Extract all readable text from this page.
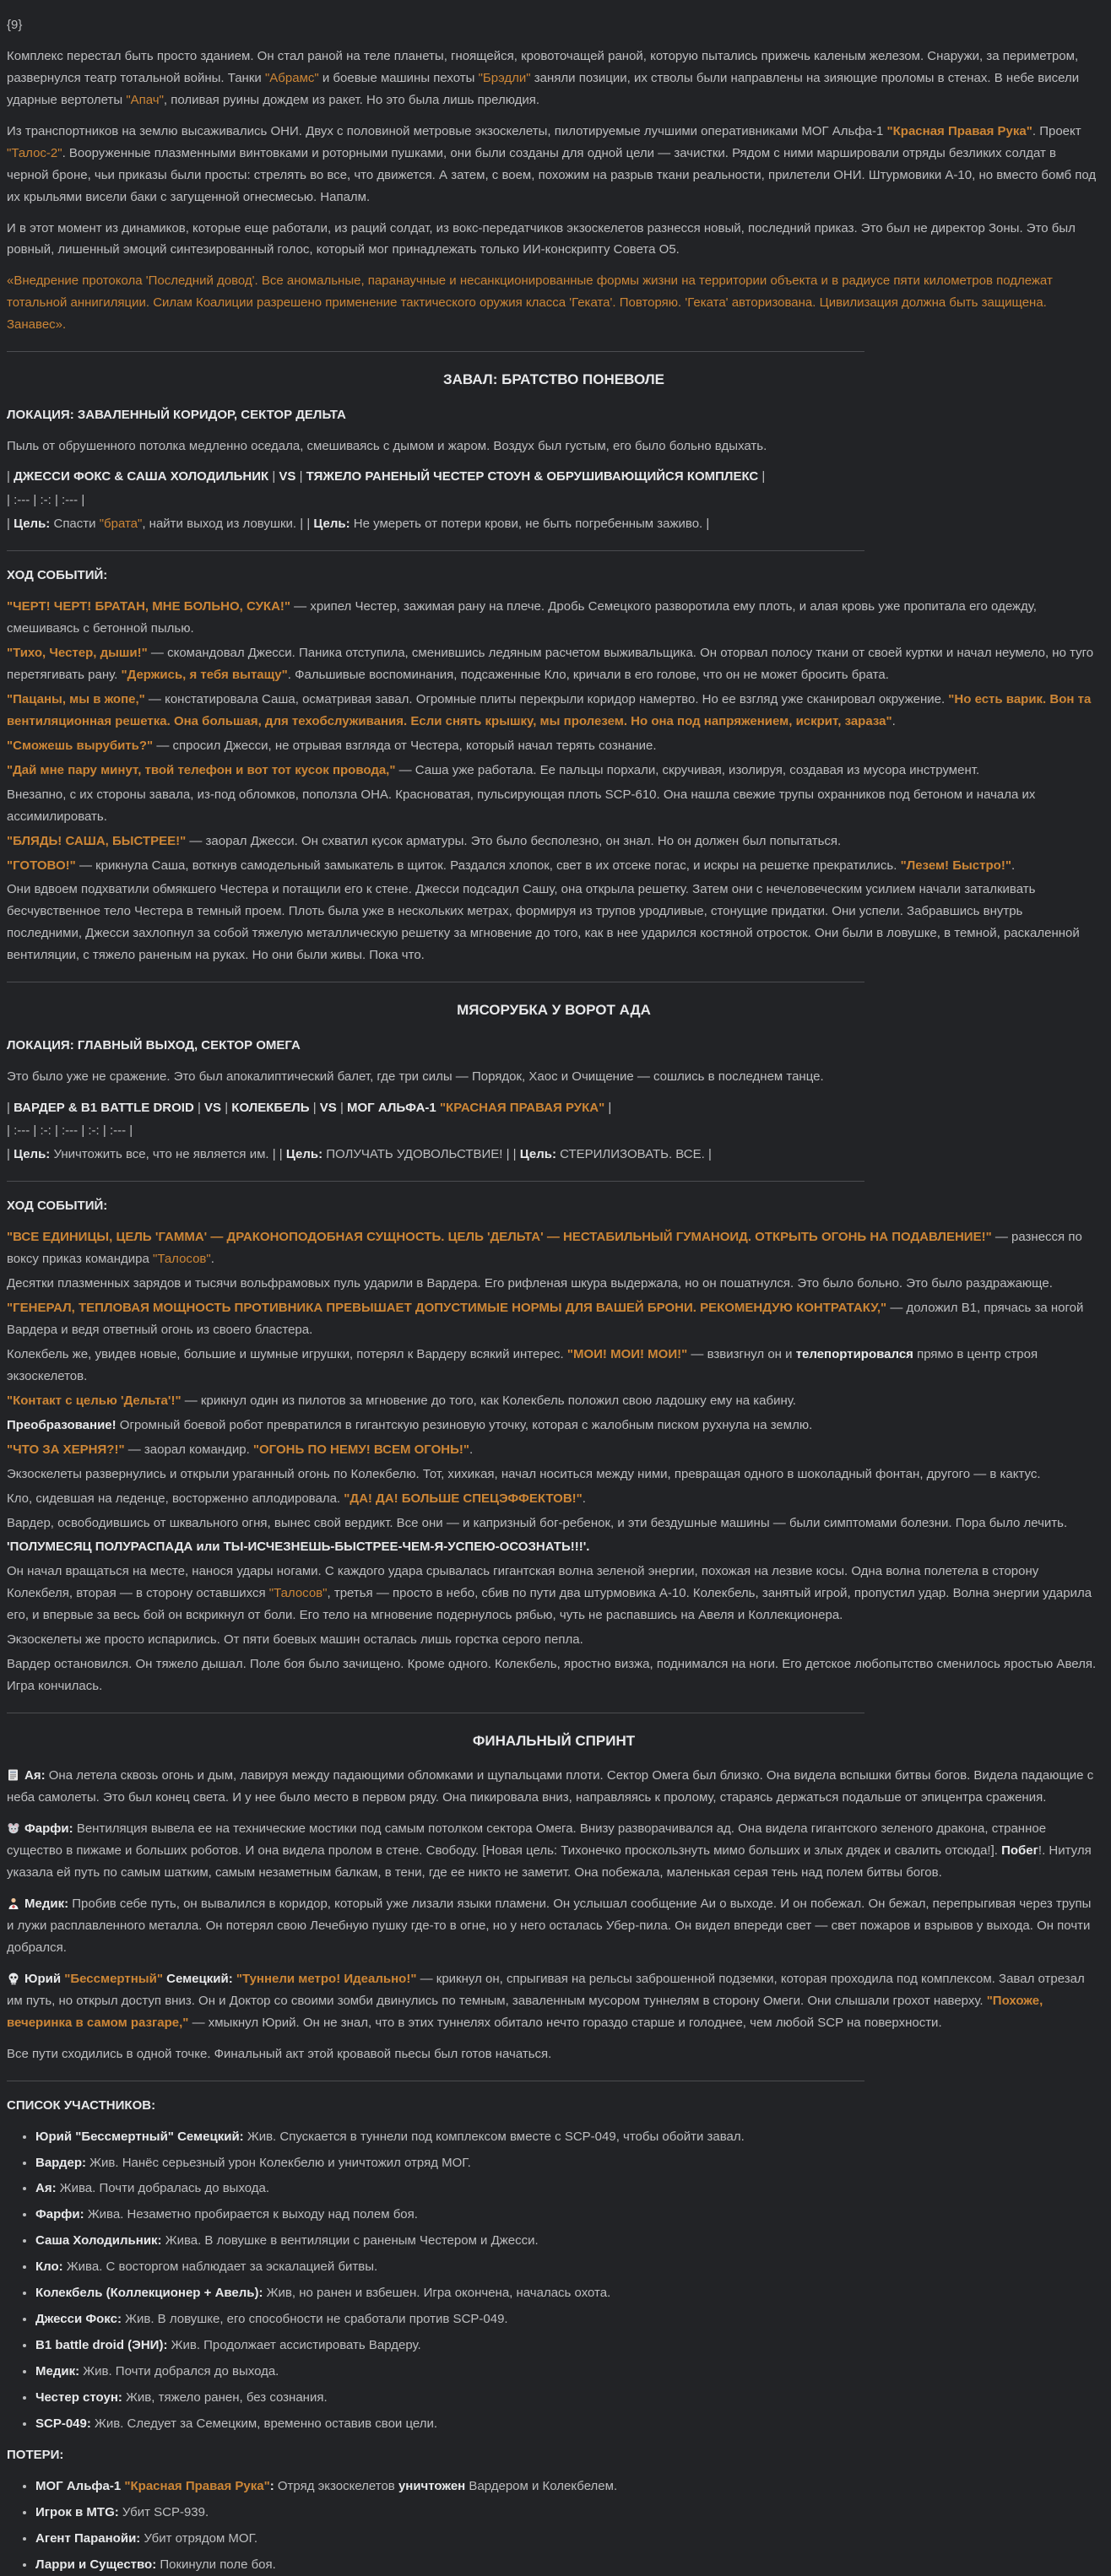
{9}

Комплекс перестал быть просто зданием. Он стал раной на теле планеты, гноящейся, кровоточащей раной, которую пытались прижечь каленым железом. Снаружи, за периметром, развернулся театр тотальной войны. Танки "Абрамс" и боевые машины пехоты "Брэдли" заняли позиции, их стволы были направлены на зияющие проломы в стенах. В небе висели ударные вертолеты "Апач", поливая руины дождем из ракет. Но это была лишь прелюдия.

Из транспортников на землю высаживались ОНИ. Двух с половиной метровые экзоскелеты, пилотируемые лучшими оперативниками МОГ Альфа-1 "Красная Правая Рука". Проект "Талос-2". Вооруженные плазменными винтовками и роторными пушками, они были созданы для одной цели — зачистки. Рядом с ними маршировали отряды безликих солдат в черной броне, чьи приказы были просты: стрелять во все, что движется. А затем, с воем, похожим на разрыв ткани реальности, прилетели ОНИ. Штурмовики А-10, но вместо бомб под их крыльями висели баки с загущенной огнесмесью. Напалм.

И в этот момент из динамиков, которые еще работали, из раций солдат, из вокс-передатчиков экзоскелетов разнесся новый, последний приказ. Это был не директор Зоны. Это был ровный, лишенный эмоций синтезированный голос, который мог принадлежать только ИИ-конскрипту Совета О5.

«Внедрение протокола 'Последний довод'. Все аномальные, паранаучные и несанкционированные формы жизни на территории объекта и в радиусе пяти километров подлежат тотальной аннигиляции. Силам Коалиции разрешено применение тактического оружия класса 'Геката'. Повторяю. 'Геката' авторизована. Цивилизация должна быть защищена. Занавес».

ЗАВАЛ: БРАТСТВО ПОНЕВОЛЕ

ЛОКАЦИЯ: ЗАВАЛЕННЫЙ КОРИДОР, СЕКТОР ДЕЛЬТА

Пыль от обрушенного потолка медленно оседала, смешиваясь с дымом и жаром. Воздух был густым, его было больно вдыхать.

| ДЖЕССИ ФОКС & САША ХОЛОДИЛЬНИК | VS | ТЯЖЕЛО РАНЕНЫЙ ЧЕСТЕР СТОУН & ОБРУШИВАЮЩИЙСЯ КОМПЛЕКС |

| :--- | :-: | :--- |

| Цель: Спасти "брата", найти выход из ловушки. | | Цель: Не умереть от потери крови, не быть погребенным заживо. |

ХОД СОБЫТИЙ:

"ЧЕРТ! ЧЕРТ! БРАТАН, МНЕ БОЛЬНО, СУКА!" — хрипел Честер, зажимая рану на плече. Дробь Семецкого разворотила ему плоть, и алая кровь уже пропитала его одежду, смешиваясь с бетонной пылью.

"Тихо, Честер, дыши!" — скомандовал Джесси. Паника отступила, сменившись ледяным расчетом выживальщика. Он оторвал полосу ткани от своей куртки и начал неумело, но туго перетягивать рану. "Держись, я тебя вытащу". Фальшивые воспоминания, подсаженные Кло, кричали в его голове, что он не может бросить брата.

"Пацаны, мы в жопе," — констатировала Саша, осматривая завал. Огромные плиты перекрыли коридор намертво. Но ее взгляд уже сканировал окружение. "Но есть варик. Вон та вентиляционная решетка. Она большая, для техобслуживания. Если снять крышку, мы пролезем. Но она под напряжением, искрит, зараза".

"Сможешь вырубить?" — спросил Джесси, не отрывая взгляда от Честера, который начал терять сознание.

"Дай мне пару минут, твой телефон и вот тот кусок провода," — Саша уже работала. Ее пальцы порхали, скручивая, изолируя, создавая из мусора инструмент.

Внезапно, с их стороны завала, из-под обломков, поползла ОНА. Красноватая, пульсирующая плоть SCP-610. Она нашла свежие трупы охранников под бетоном и начала их ассимилировать.

"БЛЯДЬ! САША, БЫСТРЕЕ!" — заорал Джесси. Он схватил кусок арматуры. Это было бесполезно, он знал. Но он должен был попытаться.

"ГОТОВО!" — крикнула Саша, воткнув самодельный замыкатель в щиток. Раздался хлопок, свет в их отсеке погас, и искры на решетке прекратились. "Лезем! Быстро!".

Они вдвоем подхватили обмякшего Честера и потащили его к стене. Джесси подсадил Сашу, она открыла решетку. Затем они с нечеловеческим усилием начали заталкивать бесчувственное тело Честера в темный проем. Плоть была уже в нескольких метрах, формируя из трупов уродливые, стонущие придатки. Они успели. Забравшись внутрь последними, Джесси захлопнул за собой тяжелую металлическую решетку за мгновение до того, как в нее ударился костяной отросток. Они были в ловушке, в темной, раскаленной вентиляции, с тяжело раненым на руках. Но они были живы. Пока что.

МЯСОРУБКА У ВОРОТ АДА

ЛОКАЦИЯ: ГЛАВНЫЙ ВЫХОД, СЕКТОР ОМЕГА

Это было уже не сражение. Это был апокалиптический балет, где три силы — Порядок, Хаос и Очищение — сошлись в последнем танце.

| ВАРДЕР & B1 BATTLE DROID | VS | КОЛЕКБЕЛЬ | VS | МОГ АЛЬФА-1 "КРАСНАЯ ПРАВАЯ РУКА" |

| :--- | :-: | :--- | :-: | :--- |

| Цель: Уничтожить все, что не является им. | | Цель: ПОЛУЧАТЬ УДОВОЛЬСТВИЕ! | | Цель: СТЕРИЛИЗОВАТЬ. ВСЕ. |

ХОД СОБЫТИЙ:

"ВСЕ ЕДИНИЦЫ, ЦЕЛЬ 'ГАММА' — ДРАКОНОПОДОБНАЯ СУЩНОСТЬ. ЦЕЛЬ 'ДЕЛЬТА' — НЕСТАБИЛЬНЫЙ ГУМАНОИД. ОТКРЫТЬ ОГОНЬ НА ПОДАВЛЕНИЕ!" — разнесся по воксу приказ командира "Талосов".

Десятки плазменных зарядов и тысячи вольфрамовых пуль ударили в Вардера. Его рифленая шкура выдержала, но он пошатнулся. Это было больно. Это было раздражающе.

"ГЕНЕРАЛ, ТЕПЛОВАЯ МОЩНОСТЬ ПРОТИВНИКА ПРЕВЫШАЕТ ДОПУСТИМЫЕ НОРМЫ ДЛЯ ВАШЕЙ БРОНИ. РЕКОМЕНДУЮ КОНТРАТАКУ," — доложил B1, прячась за ногой Вардера и ведя ответный огонь из своего бластера.

Колекбель же, увидев новые, большие и шумные игрушки, потерял к Вардеру всякий интерес. "МОИ! МОИ! МОИ!" — взвизгнул он и телепортировался прямо в центр строя экзоскелетов.

"Контакт с целью 'Дельта'!" — крикнул один из пилотов за мгновение до того, как Колекбель положил свою ладошку ему на кабину.

Преобразование! Огромный боевой робот превратился в гигантскую резиновую уточку, которая с жалобным писком рухнула на землю.

"ЧТО ЗА ХЕРНЯ?!" — заорал командир. "ОГОНЬ ПО НЕМУ! ВСЕМ ОГОНЬ!".

Экзоскелеты развернулись и открыли ураганный огонь по Колекбелю. Тот, хихикая, начал носиться между ними, превращая одного в шоколадный фонтан, другого — в кактус.

Кло, сидевшая на леденце, восторженно аплодировала. "ДА! ДА! БОЛЬШЕ СПЕЦЭФФЕКТОВ!".

Вардер, освободившись от шквального огня, вынес свой вердикт. Все они — и капризный бог-ребенок, и эти бездушные машины — были симптомами болезни. Пора было лечить.

'ПОЛУМЕСЯЦ ПОЛУРАСПАДА или ТЫ-ИСЧЕЗНЕШЬ-БЫСТРЕЕ-ЧЕМ-Я-УСПЕЮ-ОСОЗНАТЬ!!!'.

Он начал вращаться на месте, нанося удары ногами. С каждого удара срывалась гигантская волна зеленой энергии, похожая на лезвие косы. Одна волна полетела в сторону Колекбеля, вторая — в сторону оставшихся "Талосов", третья — просто в небо, сбив по пути два штурмовика А-10. Колекбель, занятый игрой, пропустил удар. Волна энергии ударила его, и впервые за весь бой он вскрикнул от боли. Его тело на мгновение подернулось рябью, чуть не распавшись на Авеля и Коллекционера.

Экзоскелеты же просто испарились. От пяти боевых машин осталась лишь горстка серого пепла.

Вардер остановился. Он тяжело дышал. Поле боя было зачищено. Кроме одного. Колекбель, яростно визжа, поднимался на ноги. Его детское любопытство сменилось яростью Авеля. Игра кончилась.

ФИНАЛЬНЫЙ СПРИНТ

Ая: Она летела сквозь огонь и дым, лавируя между падающими обломками и щупальцами плоти. Сектор Омега был близко. Она видела вспышки битвы богов. Видела падающие с неба самолеты. Это был конец света. И у нее было место в первом ряду. Она пикировала вниз, направляясь к пролому, стараясь держаться подальше от эпицентра сражения.

Фарфи: Вентиляция вывела ее на технические мостики под самым потолком сектора Омега. Внизу разворачивался ад. Она видела гигантского зеленого дракона, странное существо в пижаме и больших роботов. И она видела пролом в стене. Свободу. [Новая цель: Тихонечко проскользнуть мимо больших и злых дядек и свалить отсюда!]. Побег!. Нитуля указала ей путь по самым шатким, самым незаметным балкам, в тени, где ее никто не заметит. Она побежала, маленькая серая тень над полем битвы богов.

Медик: Пробив себе путь, он вывалился в коридор, который уже лизали языки пламени. Он услышал сообщение Аи о выходе. И он побежал. Он бежал, перепрыгивая через трупы и лужи расплавленного металла. Он потерял свою Лечебную пушку где-то в огне, но у него осталась Убер-пила. Он видел впереди свет — свет пожаров и взрывов у выхода. Он почти добрался.

Юрий "Бессмертный" Семецкий: "Туннели метро! Идеально!" — крикнул он, спрыгивая на рельсы заброшенной подземки, которая проходила под комплексом. Завал отрезал им путь, но открыл доступ вниз. Он и Доктор со своими зомби двинулись по темным, заваленным мусором туннелям в сторону Омеги. Они слышали грохот наверху. "Похоже, вечеринка в самом разгаре," — хмыкнул Юрий. Он не знал, что в этих туннелях обитало нечто гораздо старше и голоднее, чем любой SCP на поверхности.

Все пути сходились в одной точке. Финальный акт этой кровавой пьесы был готов начаться.

СПИСОК УЧАСТНИКОВ:

• Юрий "Бессмертный" Семецкий: Жив. Спускается в туннели под комплексом вместе с SCP-049, чтобы обойти завал.
• Вардер: Жив. Нанёс серьезный урон Колекбелю и уничтожил отряд МОГ.
• Ая: Жива. Почти добралась до выхода.
• Фарфи: Жива. Незаметно пробирается к выходу над полем боя.
• Саша Холодильник: Жива. В ловушке в вентиляции с раненым Честером и Джесси.
• Кло: Жива. С восторгом наблюдает за эскалацией битвы.
• Колекбель (Коллекционер + Авель): Жив, но ранен и взбешен. Игра окончена, началась охота.
• Джесси Фокс: Жив. В ловушке, его способности не сработали против SCP-049.
• B1 battle droid (ЭНИ): Жив. Продолжает ассистировать Вардеру.
• Медик: Жив. Почти добрался до выхода.
• Честер стоун: Жив, тяжело ранен, без сознания.
• SCP-049: Жив. Следует за Семецким, временно оставив свои цели.

ПОТЕРИ:

• МОГ Альфа-1 "Красная Правая Рука": Отряд экзоскелетов уничтожен Вардером и Колекбелем.
• Игрок в MTG: Убит SCP-939.
• Агент Паранойи: Убит отрядом МОГ.
• Ларри и Существо: Покинули поле боя.
